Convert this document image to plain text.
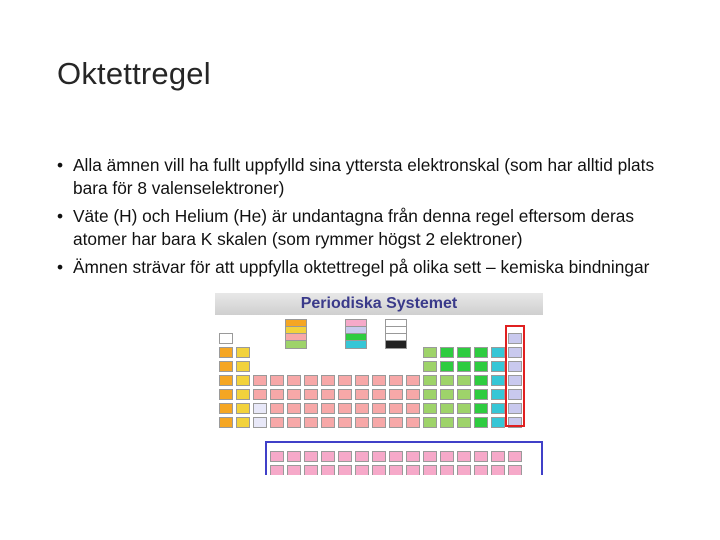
Oktettregel
• Alla ämnen vill ha fullt uppfylld sina yttersta elektronskal (som har alltid plats bara för 8 valenselektroner)
• Väte (H) och Helium (He) är undantagna från denna regel eftersom deras atomer har bara K skalen (som rymmer högst 2 elektroner)
• Ämnen strävar för att uppfylla oktettregel på olika sett – kemiska bindningar
Periodiska Systemet
